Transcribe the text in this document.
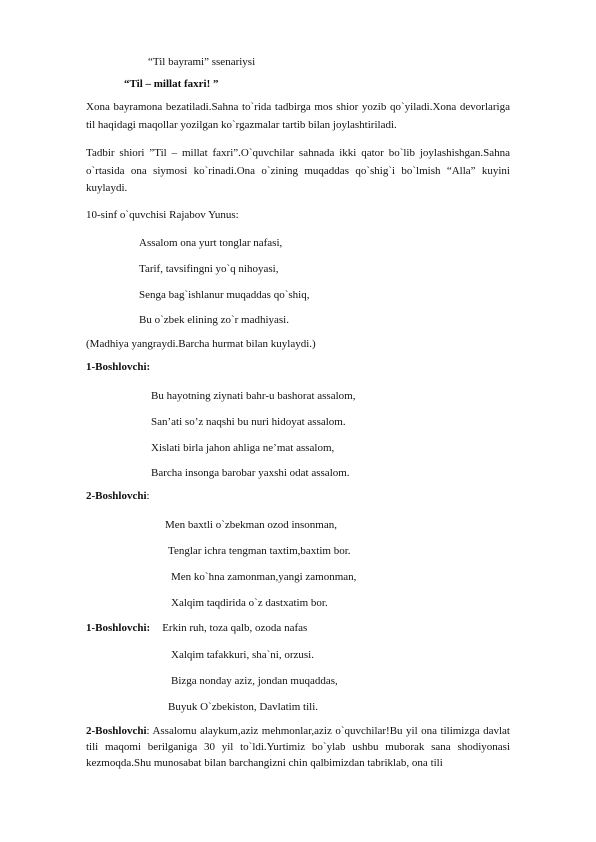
“Til bayrami” ssenariysi
“Til – millat faxri! ”
Xona bayramona bezatiladi.Sahna to`rida tadbirga mos shior yozib qo`yiladi.Xona devorlariga til haqidagi maqollar yozilgan ko`rgazmalar tartib bilan joylashtiriladi.
Tadbir shiori ”Til – millat faxri”.O`quvchilar sahnada ikki qator bo`lib joylashishgan.Sahna o`rtasida ona siymosi ko`rinadi.Ona o`zining muqaddas qo`shig`i bo`lmish “Alla” kuyini kuylaydi.
10-sinf o`quvchisi Rajabov Yunus:
Assalom ona yurt tonglar nafasi,
Tarif, tavsifingni yo`q nihoyasi,
Senga bag`ishlanur muqaddas qo`shiq,
Bu o`zbek elining zo`r madhiyasi.
(Madhiya yangraydi.Barcha hurmat bilan kuylaydi.)
1-Boshlovchi:
Bu hayotning ziynati bahr-u bashorat assalom,
San’ati so’z naqshi bu nuri hidoyat assalom.
Xislati birla jahon ahliga ne’mat assalom,
Barcha insonga barobar yaxshi odat assalom.
2-Boshlovchi:
Men baxtli o`zbekman ozod insonman,
Tenglar ichra tengman taxtim,baxtim bor.
Men ko`hna zamonman,yangi zamonman,
Xalqim taqdirida o`z dastxatim bor.
1-Boshlovchi: Erkin ruh, toza qalb, ozoda nafas
Xalqim tafakkuri, sha`ni, orzusi.
Bizga nonday aziz, jondan muqaddas,
Buyuk O`zbekiston, Davlatim tili.
2-Boshlovchi: Assalomu alaykum,aziz mehmonlar,aziz o`quvchilar!Bu yil ona tilimizga davlat tili maqomi berilganiga 30 yil to`ldi.Yurtimiz bo`ylab ushbu muborak sana shodiyonasi kezmoqda.Shu munosabat bilan barchangizni chin qalbimizdan tabriklab, ona tili
